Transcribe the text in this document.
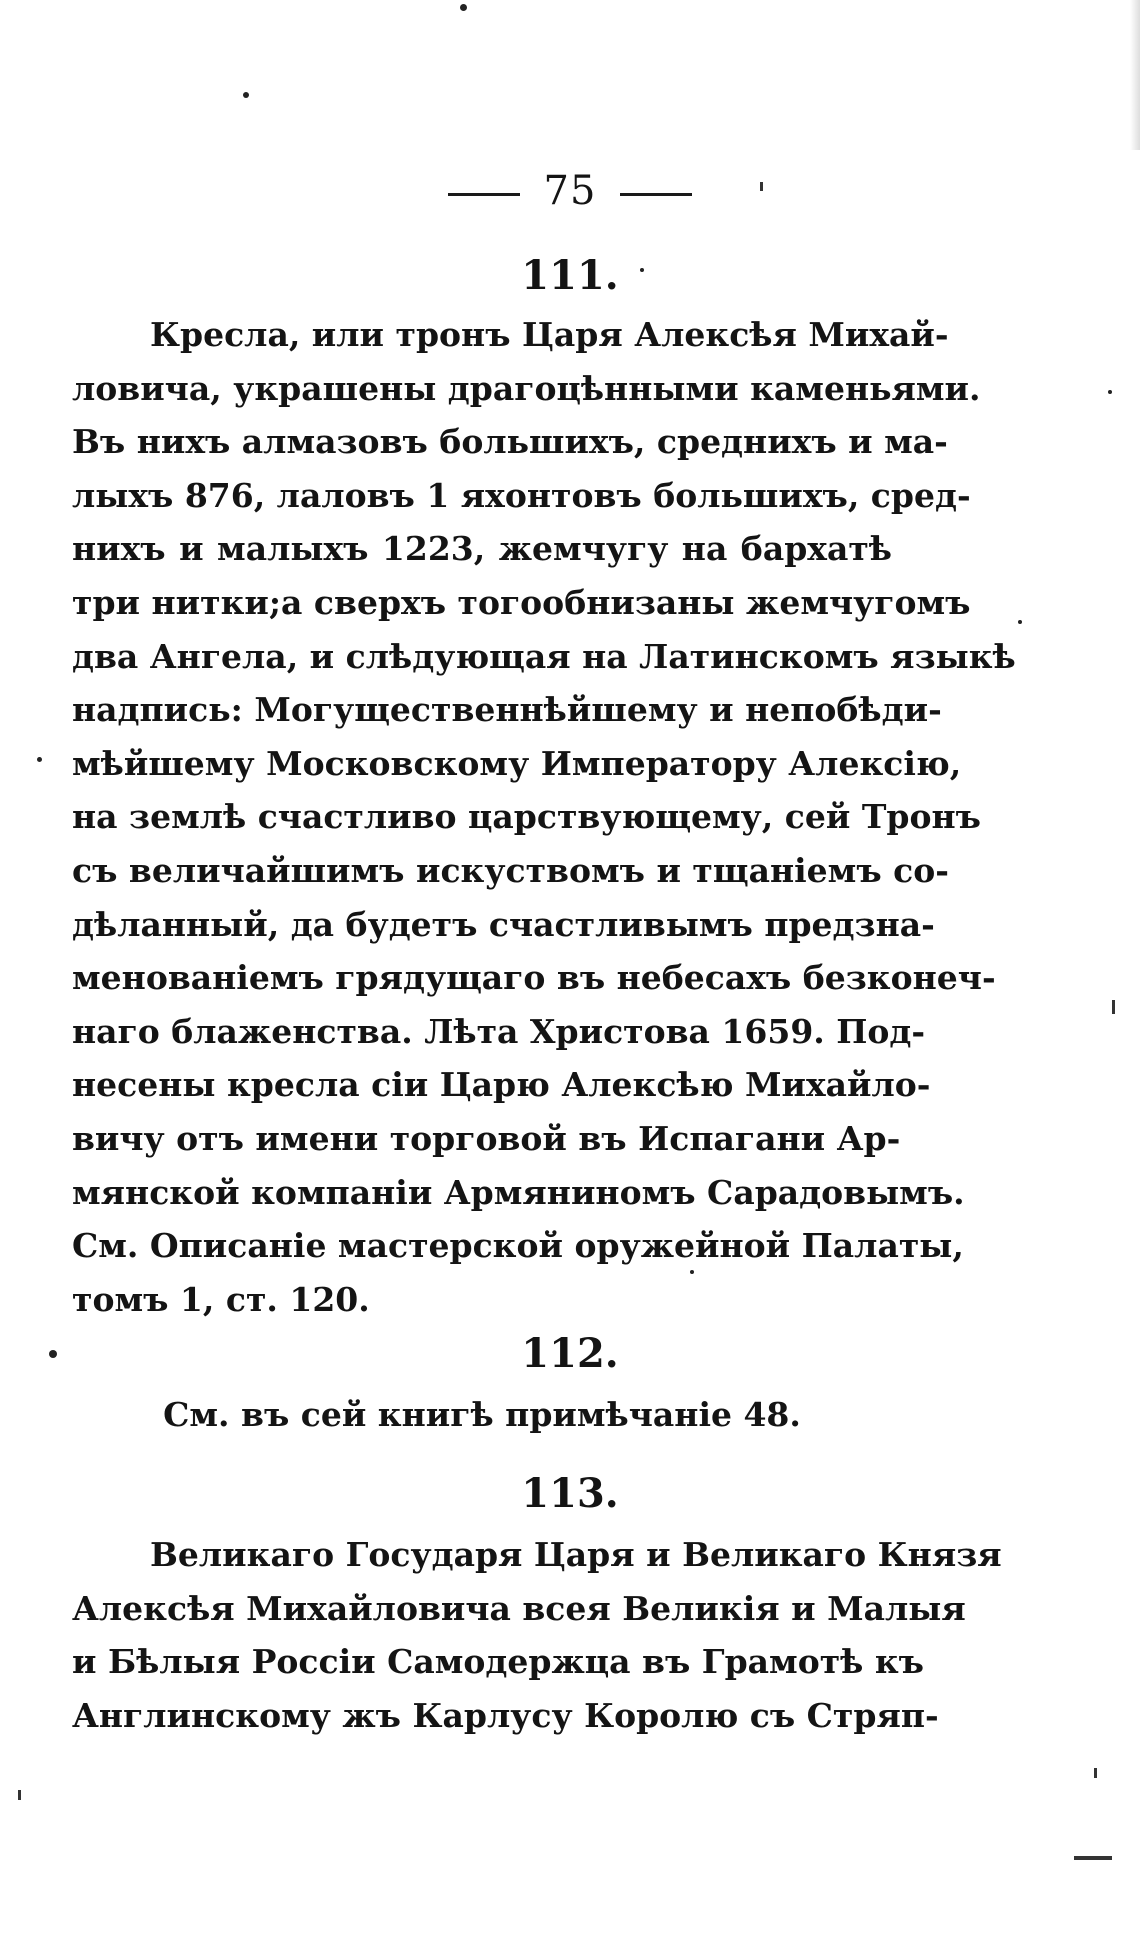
75
111.
Кресла, или тронъ Царя Алексѣя Михай-
ловича, украшены драгоцѣнными каменьями.
Въ нихъ алмазовъ большихъ, среднихъ и ма-
лыхъ 876, лаловъ 1 яхонтовъ большихъ, сред-
нихъ и малыхъ 1223, жемчугу на бархатѣ
три нитки;а сверхъ тогообнизаны жемчугомъ
два Ангела, и слѣдующая на Латинскомъ языкѣ
надпись: Могущественнѣйшему и непобѣди-
мѣйшему Московскому Императору Алексію,
на землѣ счастливо царствующему, сей Тронъ
съ величайшимъ искуствомъ и тщаніемъ со-
дѣланный, да будетъ счастливымъ предзна-
менованіемъ грядущаго въ небесахъ безконеч-
наго блаженства. Лѣта Христова 1659. Под-
несены кресла сіи Царю Алексѣю Михайло-
вичу отъ имени торговой въ Испагани Ар-
мянской компаніи Армяниномъ Сарадовымъ.
См. Описаніе мастерской оружейной Палаты,
томъ 1, ст. 120.
112.
См. въ сей книгѣ примѣчаніе 48.
113.
Великаго Государя Царя и Великаго Князя
Алексѣя Михайловича всея Великія и Малыя
и Бѣлыя Россіи Самодержца въ Грамотѣ къ
Англинскому жъ Карлусу Королю съ Стряп-
